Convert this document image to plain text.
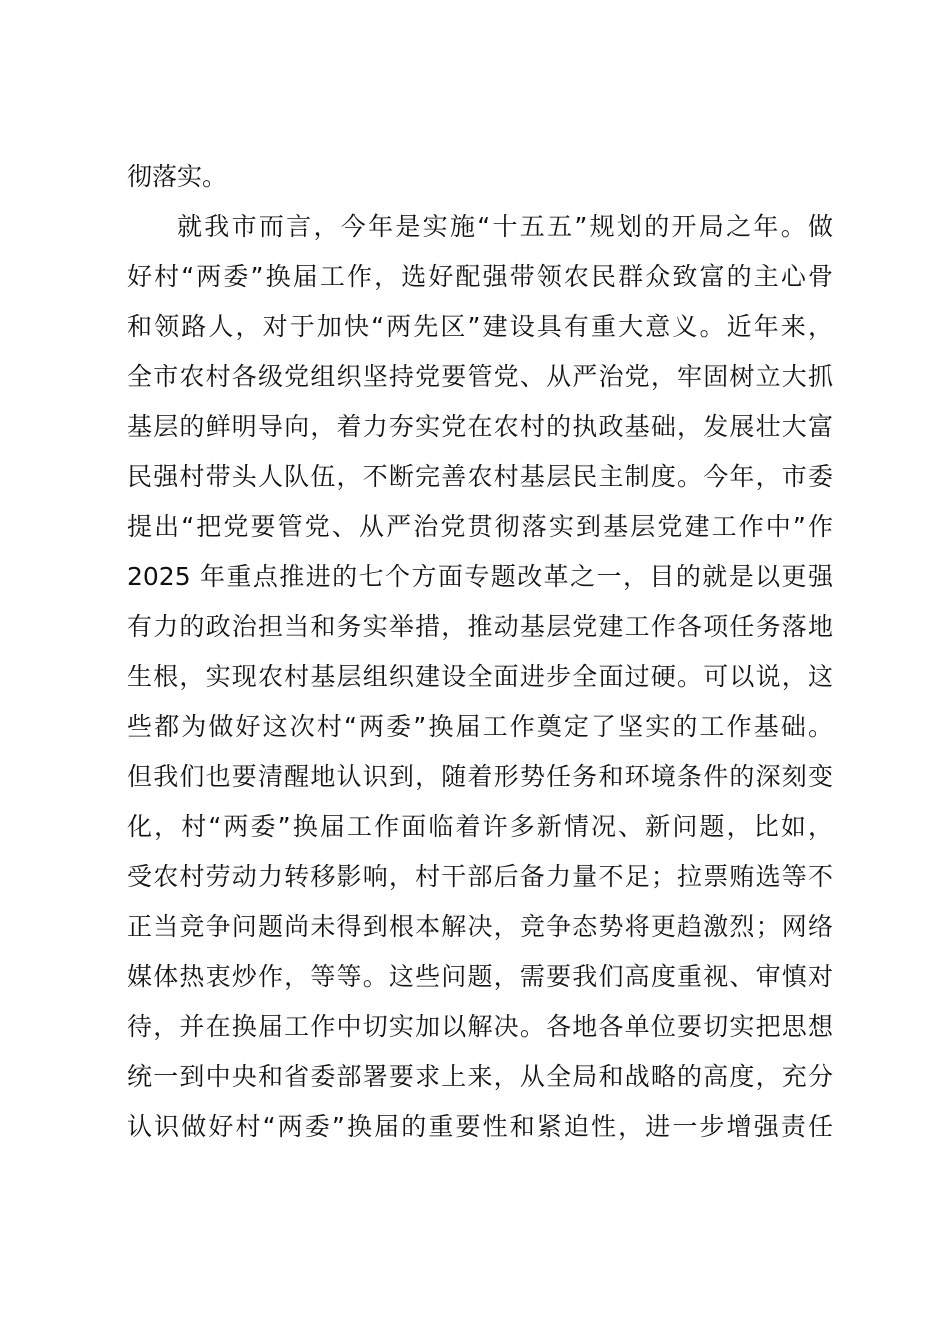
彻落实。
就我市而言，今年是实施“十五五”规划的开局之年。做
好村“两委”换届工作，选好配强带领农民群众致富的主心骨
和领路人，对于加快“两先区”建设具有重大意义。近年来，
全市农村各级党组织坚持党要管党、从严治党，牢固树立大抓
基层的鲜明导向，着力夯实党在农村的执政基础，发展壮大富
民强村带头人队伍，不断完善农村基层民主制度。今年，市委
提出“把党要管党、从严治党贯彻落实到基层党建工作中”作
2025 年重点推进的七个方面专题改革之一，目的就是以更强
有力的政治担当和务实举措，推动基层党建工作各项任务落地
生根，实现农村基层组织建设全面进步全面过硬。可以说，这
些都为做好这次村“两委”换届工作奠定了坚实的工作基础。
但我们也要清醒地认识到，随着形势任务和环境条件的深刻变
化，村“两委”换届工作面临着许多新情况、新问题，比如，
受农村劳动力转移影响，村干部后备力量不足；拉票贿选等不
正当竞争问题尚未得到根本解决，竞争态势将更趋激烈；网络
媒体热衷炒作，等等。这些问题，需要我们高度重视、审慎对
待，并在换届工作中切实加以解决。各地各单位要切实把思想
统一到中央和省委部署要求上来，从全局和战略的高度，充分
认识做好村“两委”换届的重要性和紧迫性，进一步增强责任
